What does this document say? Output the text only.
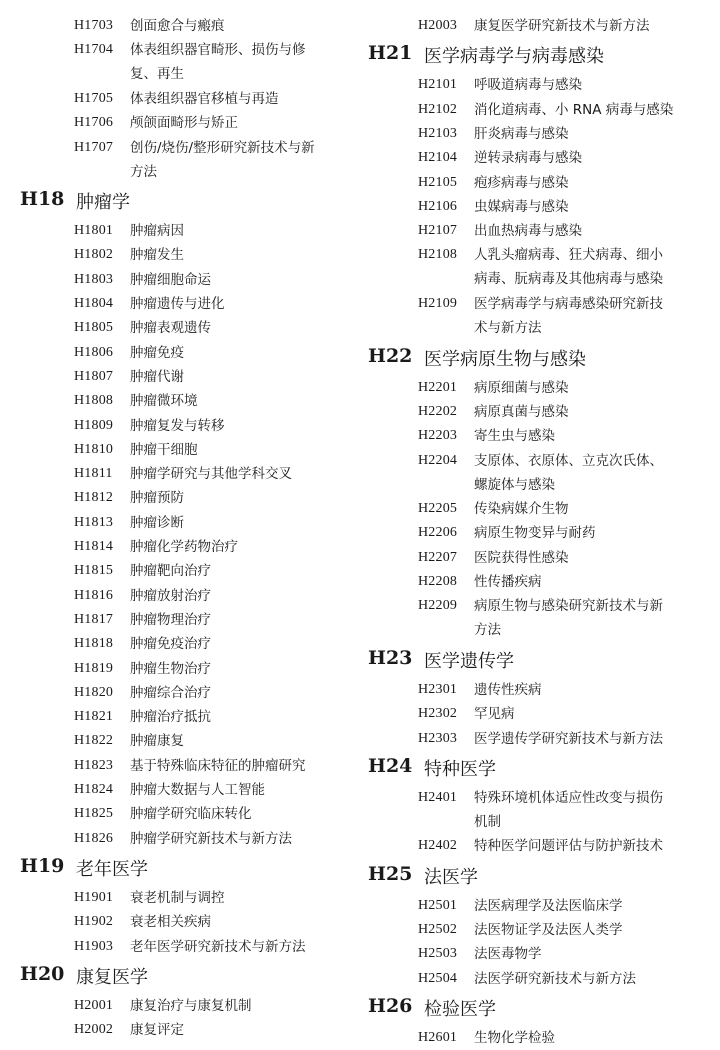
H1703 创面愈合与瘢痕
H1704 体表组织器官畸形、损伤与修
复、再生
H1705 体表组织器官移植与再造
H1706 颅颌面畸形与矫正
H1707 创伤/烧伤/整形研究新技术与新
方法
H18 肿瘤学
H1801 肿瘤病因
H1802 肿瘤发生
H1803 肿瘤细胞命运
H1804 肿瘤遗传与进化
H1805 肿瘤表观遗传
H1806 肿瘤免疫
H1807 肿瘤代谢
H1808 肿瘤微环境
H1809 肿瘤复发与转移
H1810 肿瘤干细胞
H1811 肿瘤学研究与其他学科交叉
H1812 肿瘤预防
H1813 肿瘤诊断
H1814 肿瘤化学药物治疗
H1815 肿瘤靶向治疗
H1816 肿瘤放射治疗
H1817 肿瘤物理治疗
H1818 肿瘤免疫治疗
H1819 肿瘤生物治疗
H1820 肿瘤综合治疗
H1821 肿瘤治疗抵抗
H1822 肿瘤康复
H1823 基于特殊临床特征的肿瘤研究
H1824 肿瘤大数据与人工智能
H1825 肿瘤学研究临床转化
H1826 肿瘤学研究新技术与新方法
H19 老年医学
H1901 衰老机制与调控
H1902 衰老相关疾病
H1903 老年医学研究新技术与新方法
H20 康复医学
H2001 康复治疗与康复机制
H2002 康复评定
H2003 康复医学研究新技术与新方法
H21 医学病毒学与病毒感染
H2101 呼吸道病毒与感染
H2102 消化道病毒、小 RNA 病毒与感染
H2103 肝炎病毒与感染
H2104 逆转录病毒与感染
H2105 疱疹病毒与感染
H2106 虫媒病毒与感染
H2107 出血热病毒与感染
H2108 人乳头瘤病毒、狂犬病毒、细小
病毒、朊病毒及其他病毒与感染
H2109 医学病毒学与病毒感染研究新技
术与新方法
H22 医学病原生物与感染
H2201 病原细菌与感染
H2202 病原真菌与感染
H2203 寄生虫与感染
H2204 支原体、衣原体、立克次氏体、
螺旋体与感染
H2205 传染病媒介生物
H2206 病原生物变异与耐药
H2207 医院获得性感染
H2208 性传播疾病
H2209 病原生物与感染研究新技术与新
方法
H23 医学遗传学
H2301 遗传性疾病
H2302 罕见病
H2303 医学遗传学研究新技术与新方法
H24 特种医学
H2401 特殊环境机体适应性改变与损伤
机制
H2402 特种医学问题评估与防护新技术
H25 法医学
H2501 法医病理学及法医临床学
H2502 法医物证学及法医人类学
H2503 法医毒物学
H2504 法医学研究新技术与新方法
H26 检验医学
H2601 生物化学检验
